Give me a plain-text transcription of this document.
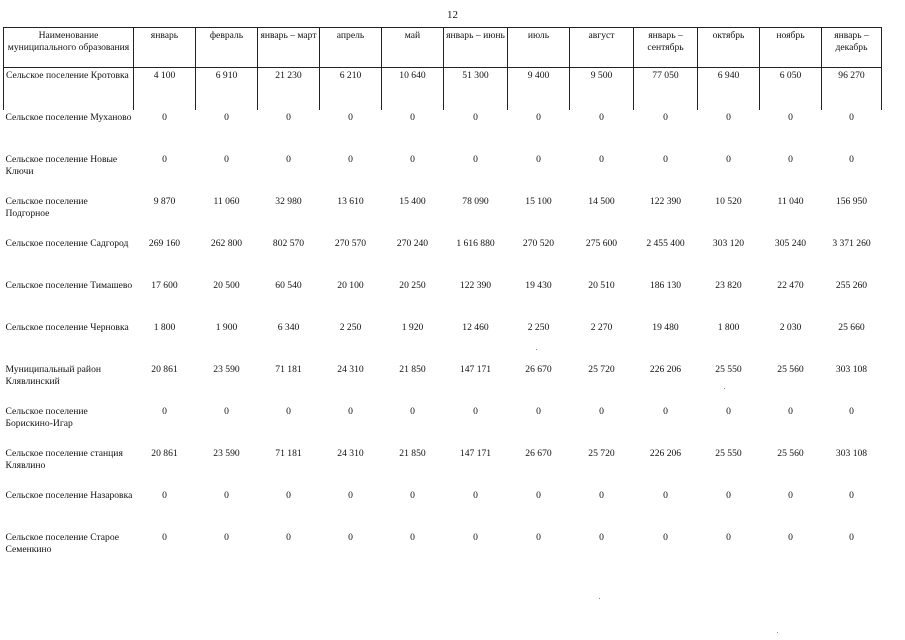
12
Наименование муниципального образования	январь	февраль	январь – март	апрель	май	январь – июнь	июль	август	январь – сентябрь	октябрь	ноябрь	январь – декабрь
Сельское поселение Кротовка	4 100	6 910	21 230	6 210	10 640	51 300	9 400	9 500	77 050	6 940	6 050	96 270
Сельское поселение Муханово	0	0	0	0	0	0	0	0	0	0	0	0
Сельское поселение Новые Ключи	0	0	0	0	0	0	0	0	0	0	0	0
Сельское поселение Подгорное	9 870	11 060	32 980	13 610	15 400	78 090	15 100	14 500	122 390	10 520	11 040	156 950
Сельское поселение Садгород	269 160	262 800	802 570	270 570	270 240	1 616 880	270 520	275 600	2 455 400	303 120	305 240	3 371 260
Сельское поселение Тимашево	17 600	20 500	60 540	20 100	20 250	122 390	19 430	20 510	186 130	23 820	22 470	255 260
Сельское поселение Черновка	1 800	1 900	6 340	2 250	1 920	12 460	2 250	2 270	19 480	1 800	2 030	25 660
Муниципальный район Клявлинский	20 861	23 590	71 181	24 310	21 850	147 171	26 670	25 720	226 206	25 550	25 560	303 108
Сельское поселение Борискино-Игар	0	0	0	0	0	0	0	0	0	0	0	0
Сельское поселение станция Клявлино	20 861	23 590	71 181	24 310	21 850	147 171	26 670	25 720	226 206	25 550	25 560	303 108
Сельское поселение Назаровка	0	0	0	0	0	0	0	0	0	0	0	0
Сельское поселение Старое Семенкино	0	0	0	0	0	0	0	0	0	0	0	0
